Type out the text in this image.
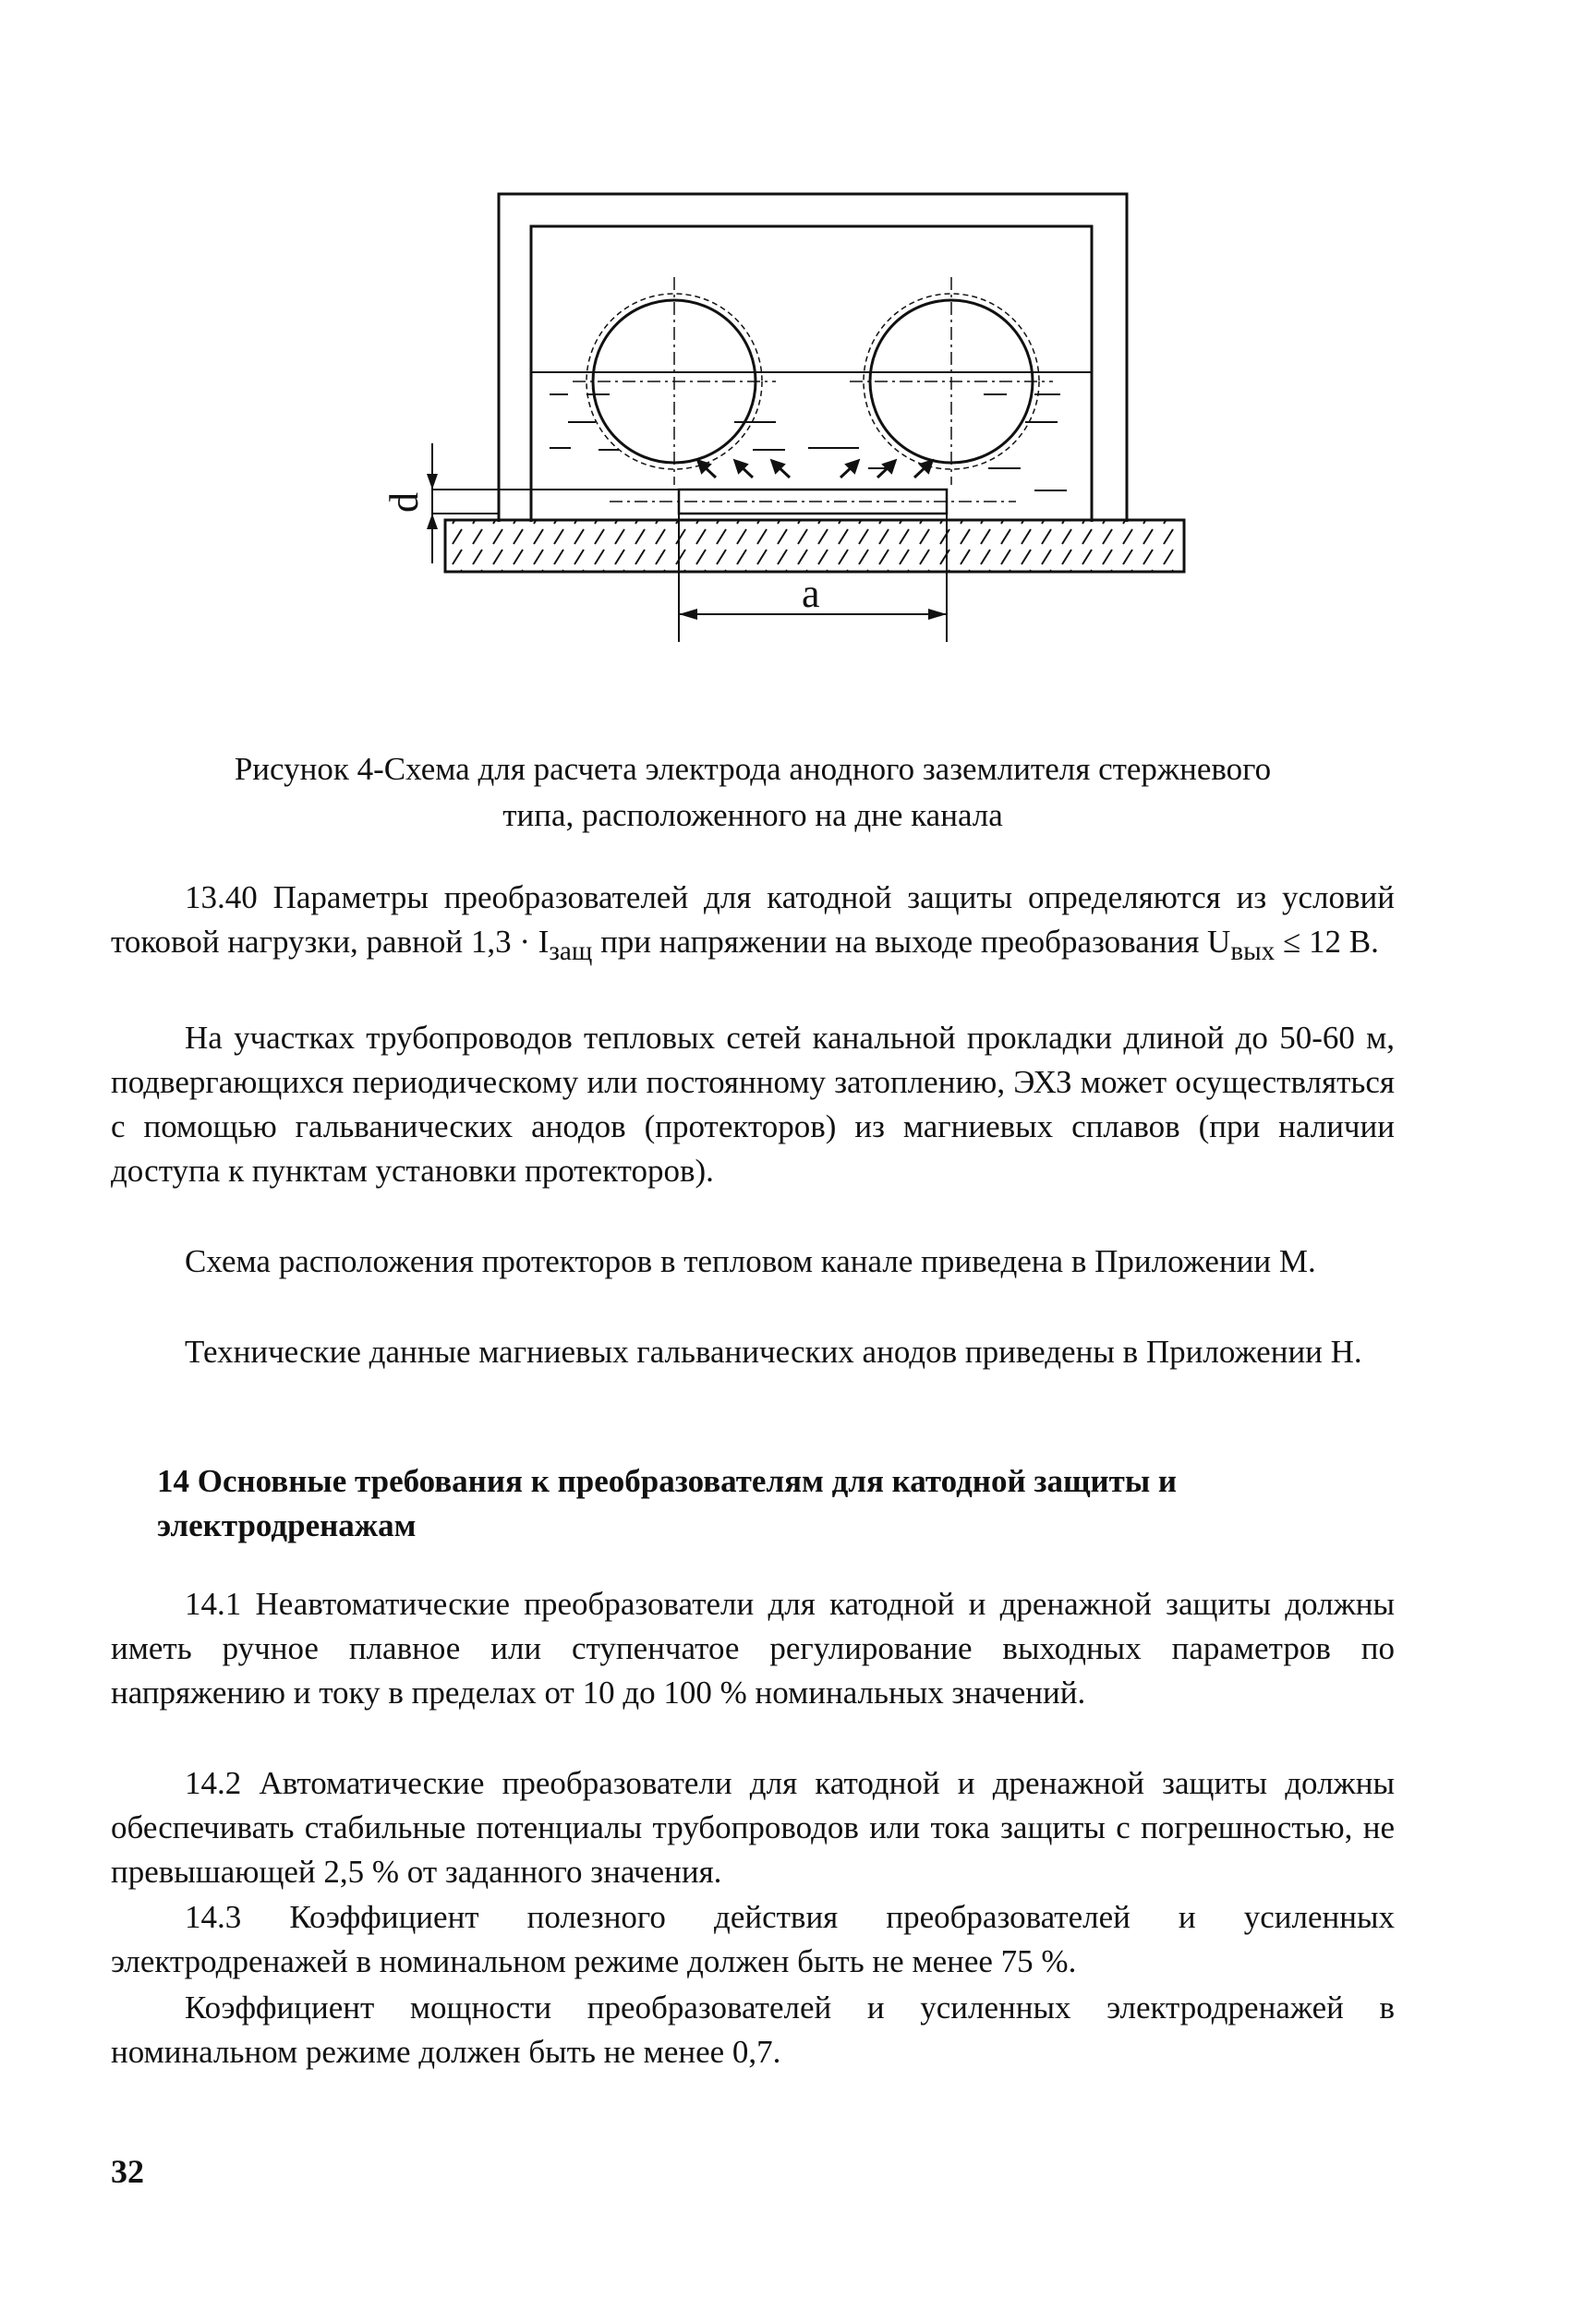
a
d
Рисунок 4-Схема для расчета электрода анодного заземлителя стержневого
типа, расположенного на дне канала

13.40 Параметры преобразователей для катодной защиты определяются из условий токовой нагрузки, равной $1,3 \cdot I_{защ}$ при напряжении на выходе преобразования $U_{вых} \le 12$ В.

На участках трубопроводов тепловых сетей канальной прокладки длиной до 50-60 м, подвергающихся периодическому или постоянному затоплению, ЭХЗ может осуществляться с помощью гальванических анодов (протекторов) из магниевых сплавов (при наличии доступа к пунктам установки протекторов).

Схема расположения протекторов в тепловом канале приведена в Приложении М.

Технические данные магниевых гальванических анодов приведены в Приложении Н.

14 Основные требования к преобразователям для катодной защиты и электродренажам

14.1 Неавтоматические преобразователи для катодной и дренажной защиты должны иметь ручное плавное или ступенчатое регулирование выходных параметров по напряжению и току в пределах от 10 до 100 % номинальных значений.

14.2 Автоматические преобразователи для катодной и дренажной защиты должны обеспечивать стабильные потенциалы трубопроводов или тока защиты с погрешностью, не превышающей 2,5 % от заданного значения.

14.3 Коэффициент полезного действия преобразователей и усиленных электродренажей в номинальном режиме должен быть не менее 75 %.

Коэффициент мощности преобразователей и усиленных электродренажей в номинальном режиме должен быть не менее 0,7.

32
